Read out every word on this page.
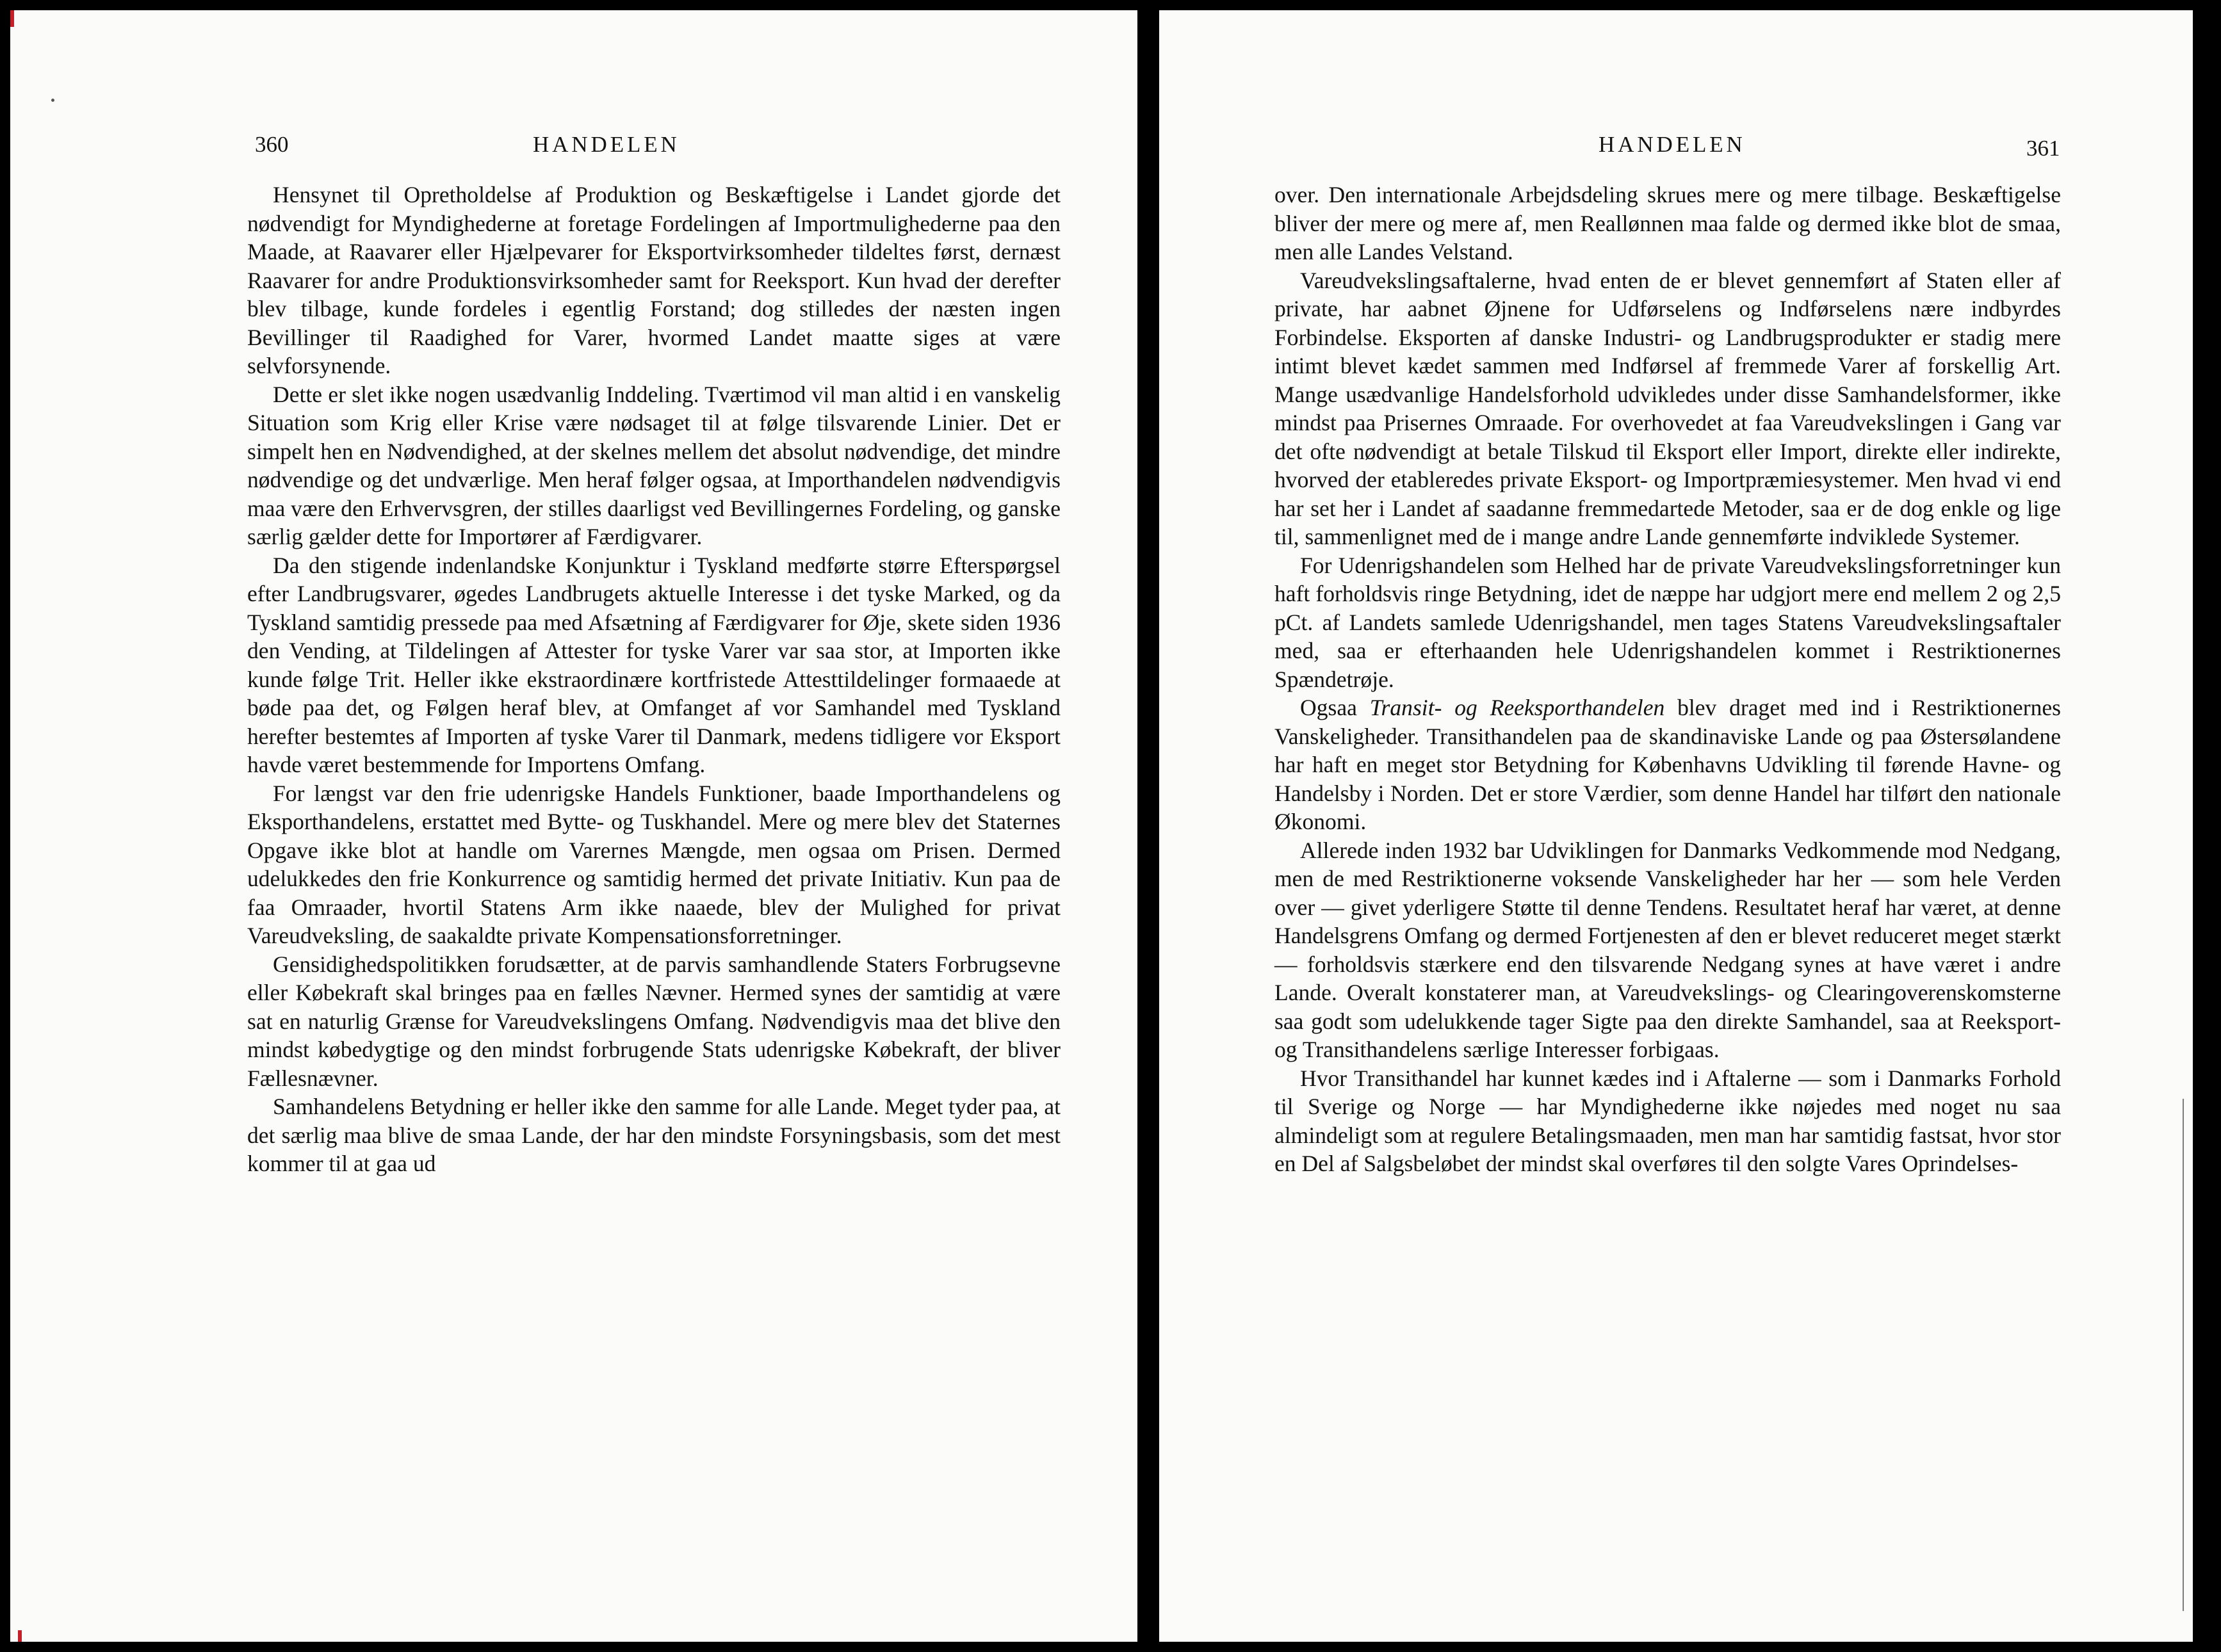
360	HANDELEN

Hensynet til Opretholdelse af Produktion og Beskæftigelse i Landet gjorde det nødvendigt for Myndighederne at foretage Fordelingen af Importmulighederne paa den Maade, at Raavarer eller Hjælpevarer for Eksportvirksomheder tildeltes først, dernæst Raavarer for andre Produktionsvirksomheder samt for Reeksport. Kun hvad der derefter blev tilbage, kunde fordeles i egentlig Forstand; dog stilledes der næsten ingen Bevillinger til Raadighed for Varer, hvormed Landet maatte siges at være selvforsynende.

Dette er slet ikke nogen usædvanlig Inddeling. Tværtimod vil man altid i en vanskelig Situation som Krig eller Krise være nødsaget til at følge tilsvarende Linier. Det er simpelt hen en Nødvendighed, at der skelnes mellem det absolut nødvendige, det mindre nødvendige og det undværlige. Men heraf følger ogsaa, at Importhandelen nødvendigvis maa være den Erhvervsgren, der stilles daarligst ved Bevillingernes Fordeling, og ganske særlig gælder dette for Importører af Færdigvarer.

Da den stigende indenlandske Konjunktur i Tyskland medførte større Efterspørgsel efter Landbrugsvarer, øgedes Landbrugets aktuelle Interesse i det tyske Marked, og da Tyskland samtidig pressede paa med Afsætning af Færdigvarer for Øje, skete siden 1936 den Vending, at Tildelingen af Attester for tyske Varer var saa stor, at Importen ikke kunde følge Trit. Heller ikke ekstraordinære kortfristede Attesttildelinger formaaede at bøde paa det, og Følgen heraf blev, at Omfanget af vor Samhandel med Tyskland herefter bestemtes af Importen af tyske Varer til Danmark, medens tidligere vor Eksport havde været bestemmende for Importens Omfang.

For længst var den frie udenrigske Handels Funktioner, baade Importhandelens og Eksporthandelens, erstattet med Bytte- og Tuskhandel. Mere og mere blev det Staternes Opgave ikke blot at handle om Varernes Mængde, men ogsaa om Prisen. Dermed udelukkedes den frie Konkurrence og samtidig hermed det private Initiativ. Kun paa de faa Omraader, hvortil Statens Arm ikke naaede, blev der Mulighed for privat Vareudveksling, de saakaldte private Kompensationsforretninger.

Gensidighedspolitikken forudsætter, at de parvis samhandlende Staters Forbrugsevne eller Købekraft skal bringes paa en fælles Nævner. Hermed synes der samtidig at være sat en naturlig Grænse for Vareudvekslingens Omfang. Nødvendigvis maa det blive den mindst købedygtige og den mindst forbrugende Stats udenrigske Købekraft, der bliver Fællesnævner.

Samhandelens Betydning er heller ikke den samme for alle Lande. Meget tyder paa, at det særlig maa blive de smaa Lande, der har den mindste Forsyningsbasis, som det mest kommer til at gaa ud

HANDELEN	361

over. Den internationale Arbejdsdeling skrues mere og mere tilbage. Beskæftigelse bliver der mere og mere af, men Reallønnen maa falde og dermed ikke blot de smaa, men alle Landes Velstand.

Vareudvekslingsaftalerne, hvad enten de er blevet gennemført af Staten eller af private, har aabnet Øjnene for Udførselens og Indførselens nære indbyrdes Forbindelse. Eksporten af danske Industri- og Landbrugsprodukter er stadig mere intimt blevet kædet sammen med Indførsel af fremmede Varer af forskellig Art. Mange usædvanlige Handelsforhold udvikledes under disse Samhandelsformer, ikke mindst paa Prisernes Omraade. For overhovedet at faa Vareudvekslingen i Gang var det ofte nødvendigt at betale Tilskud til Eksport eller Import, direkte eller indirekte, hvorved der etableredes private Eksport- og Importpræmiesystemer. Men hvad vi end har set her i Landet af saadanne fremmedartede Metoder, saa er de dog enkle og lige til, sammenlignet med de i mange andre Lande gennemførte indviklede Systemer.

For Udenrigshandelen som Helhed har de private Vareudvekslingsforretninger kun haft forholdsvis ringe Betydning, idet de næppe har udgjort mere end mellem 2 og 2,5 pCt. af Landets samlede Udenrigshandel, men tages Statens Vareudvekslingsaftaler med, saa er efterhaanden hele Udenrigshandelen kommet i Restriktionernes Spændetrøje.

Ogsaa Transit- og Reeksporthandelen blev draget med ind i Restriktionernes Vanskeligheder. Transithandelen paa de skandinaviske Lande og paa Østersølandene har haft en meget stor Betydning for Københavns Udvikling til førende Havne- og Handelsby i Norden. Det er store Værdier, som denne Handel har tilført den nationale Økonomi.

Allerede inden 1932 bar Udviklingen for Danmarks Vedkommende mod Nedgang, men de med Restriktionerne voksende Vanskeligheder har her — som hele Verden over — givet yderligere Støtte til denne Tendens. Resultatet heraf har været, at denne Handelsgrens Omfang og dermed Fortjenesten af den er blevet reduceret meget stærkt — forholdsvis stærkere end den tilsvarende Nedgang synes at have været i andre Lande. Overalt konstaterer man, at Vareudvekslings- og Clearingoverenskomsterne saa godt som udelukkende tager Sigte paa den direkte Samhandel, saa at Reeksport- og Transithandelens særlige Interesser forbigaas.

Hvor Transithandel har kunnet kædes ind i Aftalerne — som i Danmarks Forhold til Sverige og Norge — har Myndighederne ikke nøjedes med noget nu saa almindeligt som at regulere Betalingsmaaden, men man har samtidig fastsat, hvor stor en Del af Salgsbeløbet der mindst skal overføres til den solgte Vares Oprindelses-
